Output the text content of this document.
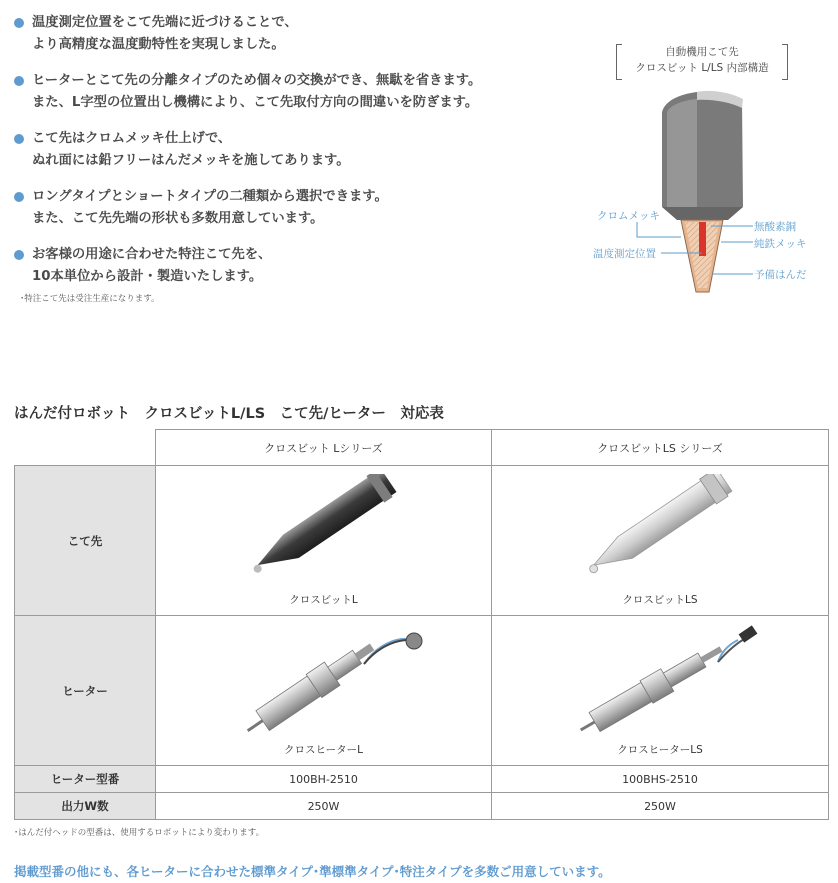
温度測定位置をこて先端に近づけることで、
より高精度な温度動特性を実現しました。
ヒーターとこて先の分離タイプのため個々の交換ができ、無駄を省きます。
また、L字型の位置出し機構により、こて先取付方向の間違いを防ぎます。
こて先はクロムメッキ仕上げで、
ぬれ面には鉛フリーはんだメッキを施してあります。
ロングタイプとショートタイプの二種類から選択できます。
また、こて先先端の形状も多数用意しています。
お客様の用途に合わせた特注こて先を、
10本単位から設計・製造いたします。
･特注こて先は受注生産になります。
自動機用こて先
クロスビット L/LS 内部構造
クロムメッキ
温度測定位置
無酸素銅
純鉄メッキ
予備はんだ
はんだ付ロボット　クロスビットL/LS　こて先/ヒーター　対応表
	クロスビット Lシリーズ	クロスビットLS シリーズ
こて先	クロスビットL	クロスビットLS

ヒーター	クロスヒーターL	クロスヒーターLS

ヒーター型番	100BH-2510	100BHS-2510
出力W数	250W	250W
･はんだ付ヘッドの型番は、使用するロボットにより変わります。
掲載型番の他にも、各ヒーターに合わせた標準タイプ･準標準タイプ･特注タイプを多数ご用意しています。
